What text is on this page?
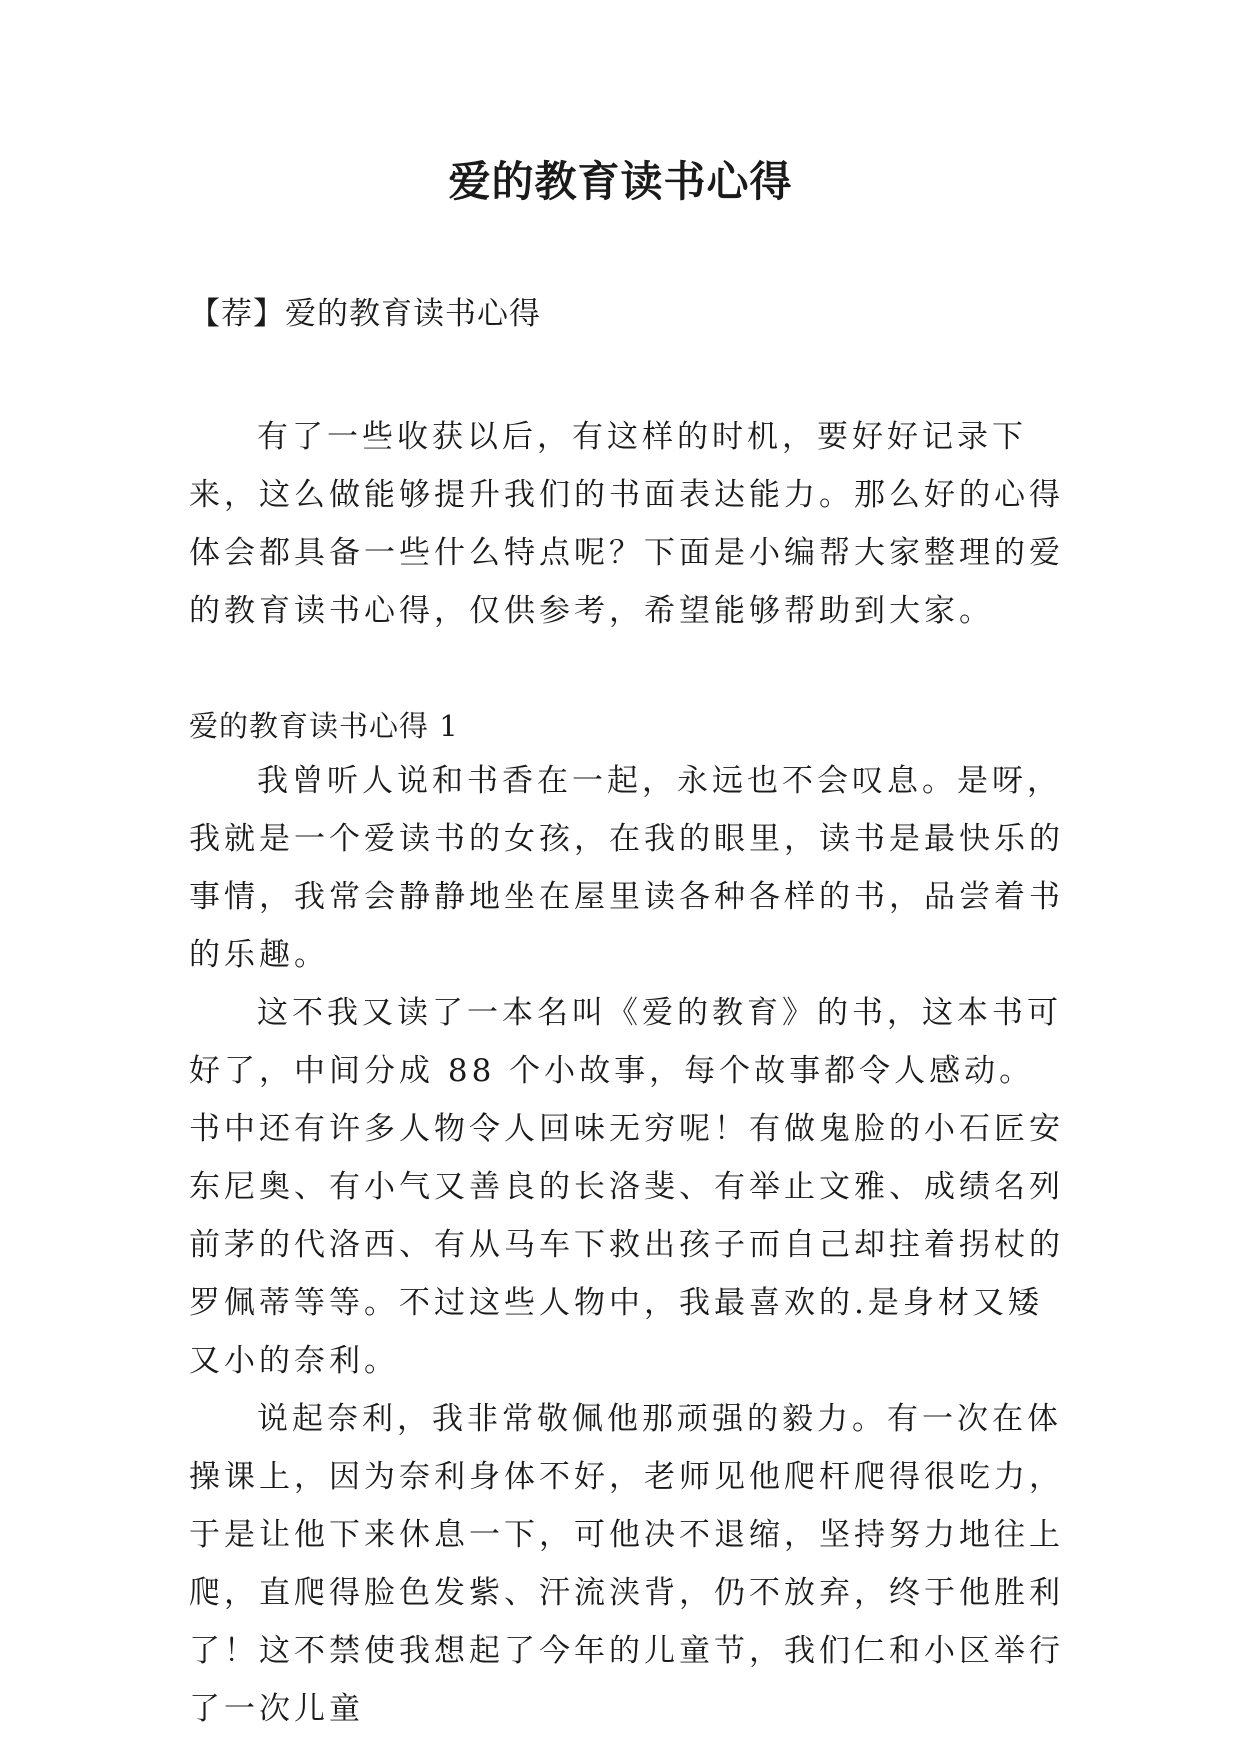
爱的教育读书心得
【荐】爱的教育读书心得

有了一些收获以后，有这样的时机，要好好记录下来，这么做能够提升我们的书面表达能力。那么好的心得体会都具备一些什么特点呢？下面是小编帮大家整理的爱的教育读书心得，仅供参考，希望能够帮助到大家。

爱的教育读书心得 1

我曾听人说和书香在一起，永远也不会叹息。是呀，我就是一个爱读书的女孩，在我的眼里，读书是最快乐的事情，我常会静静地坐在屋里读各种各样的书，品尝着书的乐趣。

这不我又读了一本名叫《爱的教育》的书，这本书可好了，中间分成 88 个小故事，每个故事都令人感动。书中还有许多人物令人回味无穷呢！有做鬼脸的小石匠安东尼奥、有小气又善良的长洛斐、有举止文雅、成绩名列前茅的代洛西、有从马车下救出孩子而自己却拄着拐杖的罗佩蒂等等。不过这些人物中，我最喜欢的.是身材又矮又小的奈利。

说起奈利，我非常敬佩他那顽强的毅力。有一次在体操课上，因为奈利身体不好，老师见他爬杆爬得很吃力，于是让他下来休息一下，可他决不退缩，坚持努力地往上爬，直爬得脸色发紫、汗流浃背，仍不放弃，终于他胜利了！这不禁使我想起了今年的儿童节，我们仁和小区举行了一次儿童
